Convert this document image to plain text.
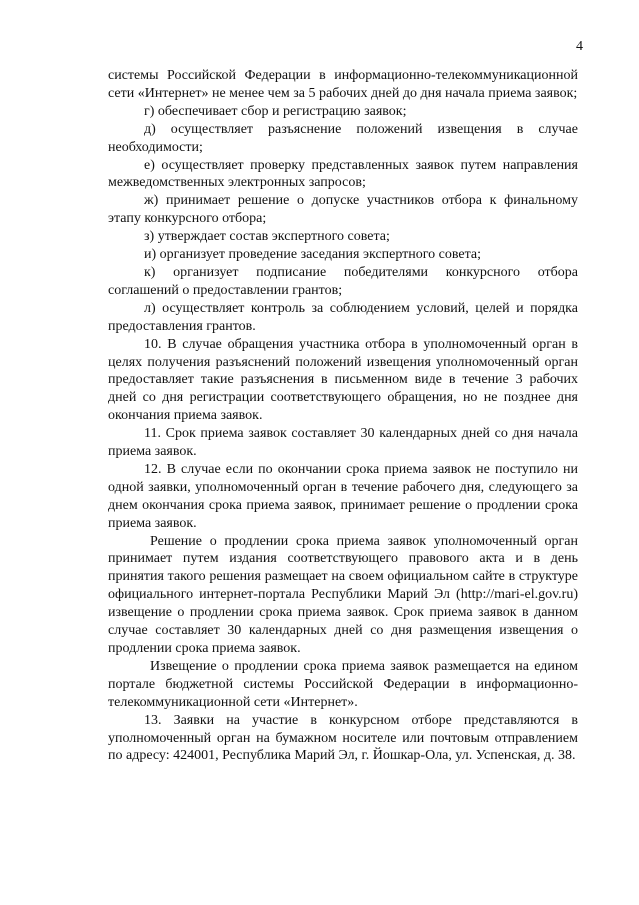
4

системы Российской Федерации в информационно-телекоммуникационной сети «Интернет» не менее чем за 5 рабочих дней до дня начала приема заявок;

г) обеспечивает сбор и регистрацию заявок;

д) осуществляет разъяснение положений извещения в случае необходимости;

е) осуществляет проверку представленных заявок путем направления межведомственных электронных запросов;

ж) принимает решение о допуске участников отбора к финальному этапу конкурсного отбора;

з) утверждает состав экспертного совета;

и) организует проведение заседания экспертного совета;

к) организует подписание победителями конкурсного отбора соглашений о предоставлении грантов;

л) осуществляет контроль за соблюдением условий, целей и порядка предоставления грантов.

10. В случае обращения участника отбора в уполномоченный орган в целях получения разъяснений положений извещения уполномоченный орган предоставляет такие разъяснения в письменном виде в течение 3 рабочих дней со дня регистрации соответствующего обращения, но не позднее дня окончания приема заявок.

11. Срок приема заявок составляет 30 календарных дней со дня начала приема заявок.

12. В случае если по окончании срока приема заявок не поступило ни одной заявки, уполномоченный орган в течение рабочего дня, следующего за днем окончания срока приема заявок, принимает решение о продлении срока приема заявок.

Решение о продлении срока приема заявок уполномоченный орган принимает путем издания соответствующего правового акта и в день принятия такого решения размещает на своем официальном сайте в структуре официального интернет-портала Республики Марий Эл (http://mari-el.gov.ru) извещение о продлении срока приема заявок. Срок приема заявок в данном случае составляет 30 календарных дней со дня размещения извещения о продлении срока приема заявок.

Извещение о продлении срока приема заявок размещается на едином портале бюджетной системы Российской Федерации в информационно-телекоммуникационной сети «Интернет».

13. Заявки на участие в конкурсном отборе представляются в уполномоченный орган на бумажном носителе или почтовым отправлением по адресу: 424001, Республика Марий Эл, г. Йошкар-Ола, ул. Успенская, д. 38.
